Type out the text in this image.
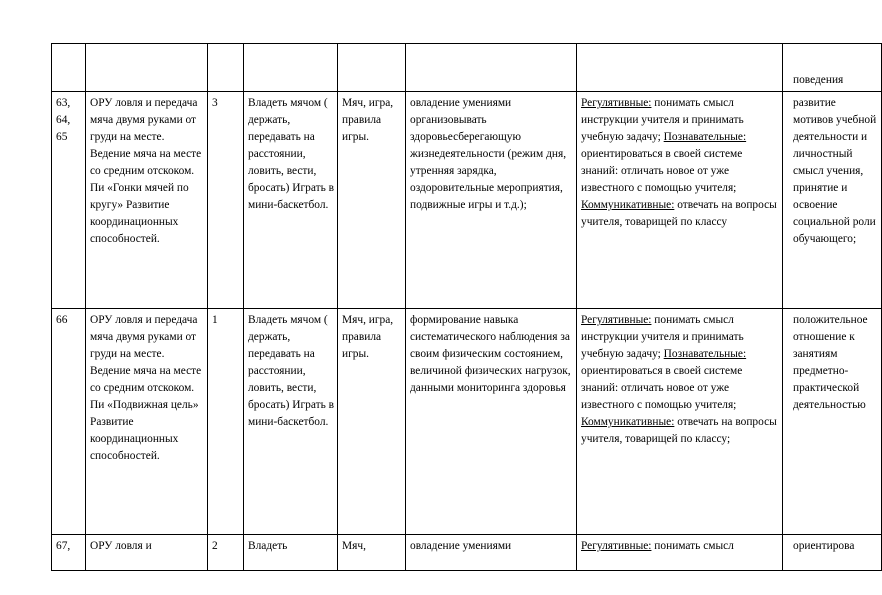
							поведения
63, 64, 65	ОРУ ловля и передача мяча двумя руками от груди на месте. Ведение мяча на месте со средним отскоком. Пи «Гонки мячей по кругу» Развитие координационных способностей.	3	Владеть мячом ( держать, передавать на расстоянии, ловить, вести, бросать) Играть в мини-баскетбол.	Мяч, игра, правила игры.	овладение умениями организовывать здоровьесберегающую жизнедеятельности (режим дня, утренняя зарядка, оздоровительные мероприятия, подвижные игры и т.д.);	Регулятивные: понимать смысл инструкции учителя и принимать учебную задачу; Познавательные: ориентироваться в своей системе знаний: отличать новое от уже известного с помощью учителя; Коммуникативные: отвечать на вопросы учителя, товарищей по классу	развитие мотивов учебной деятельности и личностный смысл учения, принятие и освоение социальной роли обучающего;
66	ОРУ ловля и передача мяча двумя руками от груди на месте. Ведение мяча на месте со средним отскоком. Пи «Подвижная цель» Развитие координационных способностей.	1	Владеть мячом ( держать, передавать на расстоянии, ловить, вести, бросать) Играть в мини-баскетбол.	Мяч, игра, правила игры.	формирование навыка систематического наблюдения за своим физическим состоянием, величиной физических нагрузок, данными мониторинга здоровья	Регулятивные: понимать смысл инструкции учителя и принимать учебную задачу; Познавательные: ориентироваться в своей системе знаний: отличать новое от уже известного с помощью учителя; Коммуникативные: отвечать на вопросы учителя, товарищей по классу;	положительное отношение к занятиям предметно-практической деятельностью
67,	ОРУ ловля и	2	Владеть	Мяч,	овладение умениями	Регулятивные: понимать смысл	ориентирова
